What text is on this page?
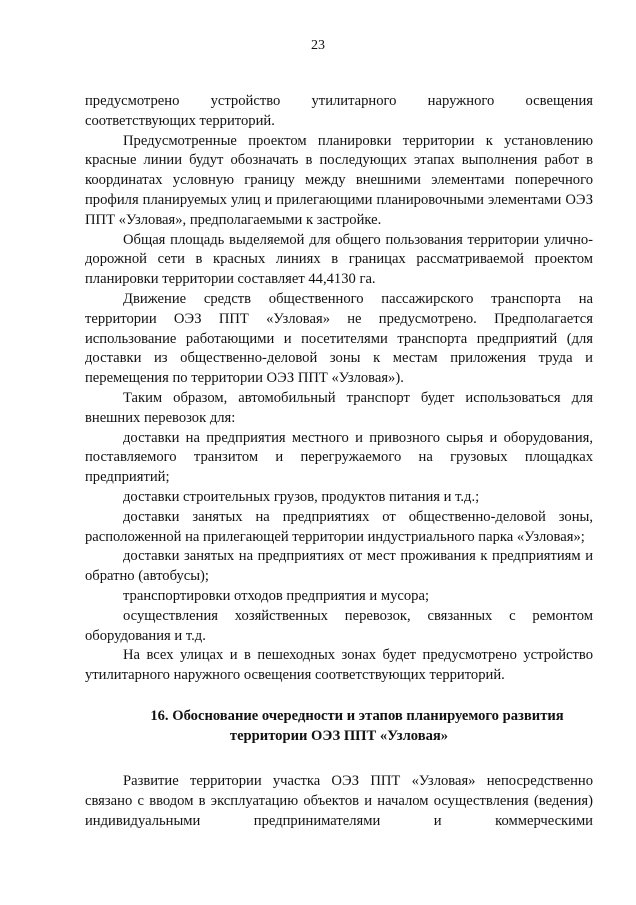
23

предусмотрено устройство утилитарного наружного освещения соответствующих территорий.

Предусмотренные проектом планировки территории к установлению красные линии будут обозначать в последующих этапах выполнения работ в координатах условную границу между внешними элементами поперечного профиля планируемых улиц и прилегающими планировочными элементами ОЭЗ ППТ «Узловая», предполагаемыми к застройке.

Общая площадь выделяемой для общего пользования территории улично-дорожной сети в красных линиях в границах рассматриваемой проектом планировки территории составляет 44,4130 га.

Движение средств общественного пассажирского транспорта на территории ОЭЗ ППТ «Узловая» не предусмотрено. Предполагается использование работающими и посетителями транспорта предприятий (для доставки из общественно-деловой зоны к местам приложения труда и перемещения по территории ОЭЗ ППТ «Узловая»).

Таким образом, автомобильный транспорт будет использоваться для внешних перевозок для:

доставки на предприятия местного и привозного сырья и оборудования, поставляемого транзитом и перегружаемого на грузовых площадках предприятий;

доставки строительных грузов, продуктов питания и т.д.;

доставки занятых на предприятиях от общественно-деловой зоны, расположенной на прилегающей территории индустриального парка «Узловая»;

доставки занятых на предприятиях от мест проживания к предприятиям и обратно (автобусы);

транспортировки отходов предприятия и мусора;

осуществления хозяйственных перевозок, связанных с ремонтом оборудования и т.д.

На всех улицах и в пешеходных зонах будет предусмотрено устройство утилитарного наружного освещения соответствующих территорий.

16. Обоснование очередности и этапов планируемого развития
территории ОЭЗ ППТ «Узловая»

Развитие территории участка ОЭЗ ППТ «Узловая» непосредственно связано с вводом в эксплуатацию объектов и началом осуществления (ведения) индивидуальными предпринимателями и коммерческими
